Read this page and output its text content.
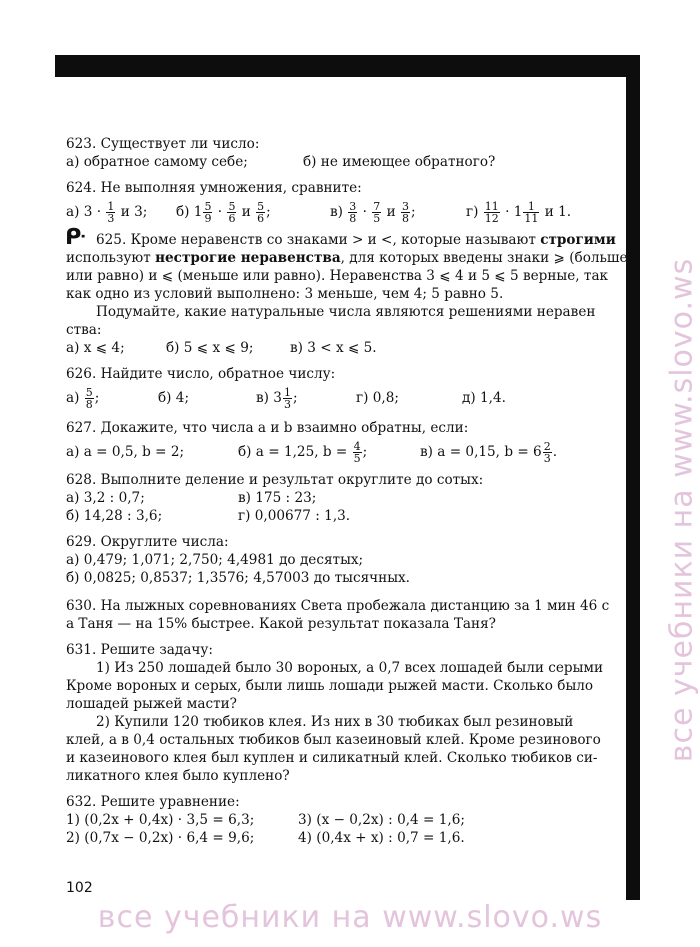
623. Существует ли число:
а) обратное самому себе;	б) не имеющее обратного?
624. Не выполняя умножения, сравните:
а) $3 \cdot \frac{1}{3}$ и 3;	б) $1 \frac{5}{9} \cdot \frac{5}{6}$ и $\frac{5}{6}$ ;	$в) \frac{3}{8} \cdot \frac{7}{5}$ и $\frac{3}{8}$ ;	$г) \frac{11}{12} \cdot 1 \frac{1}{11}$ и 1.
ᑷ 625. Кроме неравенств со знаками > и <, которые называют строгими
используют нестрогие неравенства, для которых введены знаки ⩾ (больше
или равно) и ⩽ (меньше или равно). Неравенства 3 ⩽ 4 и 5 ⩽ 5 верные, так
как одно из условий выполнено: 3 меньше, чем 4; 5 равно 5.
Подумайте, какие натуральные числа являются решениями неравен
ства:
а) x ⩽ 4;	б) 5 ⩽ x ⩽ 9;	в) 3 < x ⩽ 5.
626. Найдите число, обратное числу:
$а) \frac{5}{8}$ ;	б) 4;	в) $3 \frac{1}{3}$ ;	г) 0,8;	д) 1,4.
627. Докажите, что числа a и b взаимно обратны, если:
а) a = 0,5, b = 2;	б) a = 1,25, $b = \frac{4}{5}$ ;	в) a = 0,15, $b = 6 \frac{2}{3}$ .
628. Выполните деление и результат округлите до сотых:
а) 3,2 : 0,7;	в) 175 : 23;
б) 14,28 : 3,6;	г) 0,00677 : 1,3.
629. Округлите числа:
а) 0,479; 1,071; 2,750; 4,4981 до десятых;
б) 0,0825; 0,8537; 1,3576; 4,57003 до тысячных.
630. На лыжных соревнованиях Света пробежала дистанцию за 1 мин 46 с
а Таня — на 15% быстрее. Какой результат показала Таня?
631. Решите задачу:
1) Из 250 лошадей было 30 вороных, а 0,7 всех лошадей были серыми
Кроме вороных и серых, были лишь лошади рыжей масти. Сколько было
лошадей рыжей масти?
2) Купили 120 тюбиков клея. Из них в 30 тюбиках был резиновый
клей, а в 0,4 остальных тюбиков был казеиновый клей. Кроме резинового
и казеинового клея был куплен и силикатный клей. Сколько тюбиков си-
ликатного клея было куплено?
632. Решите уравнение:
1) (0,2x + 0,4x) · 3,5 = 6,3;	3) (x − 0,2x) : 0,4 = 1,6;
2) (0,7x − 0,2x) · 6,4 = 9,6;	4) (0,4x + x) : 0,7 = 1,6.
102
все учебники на www.slovo.ws
все учебники на www.slovo.ws
